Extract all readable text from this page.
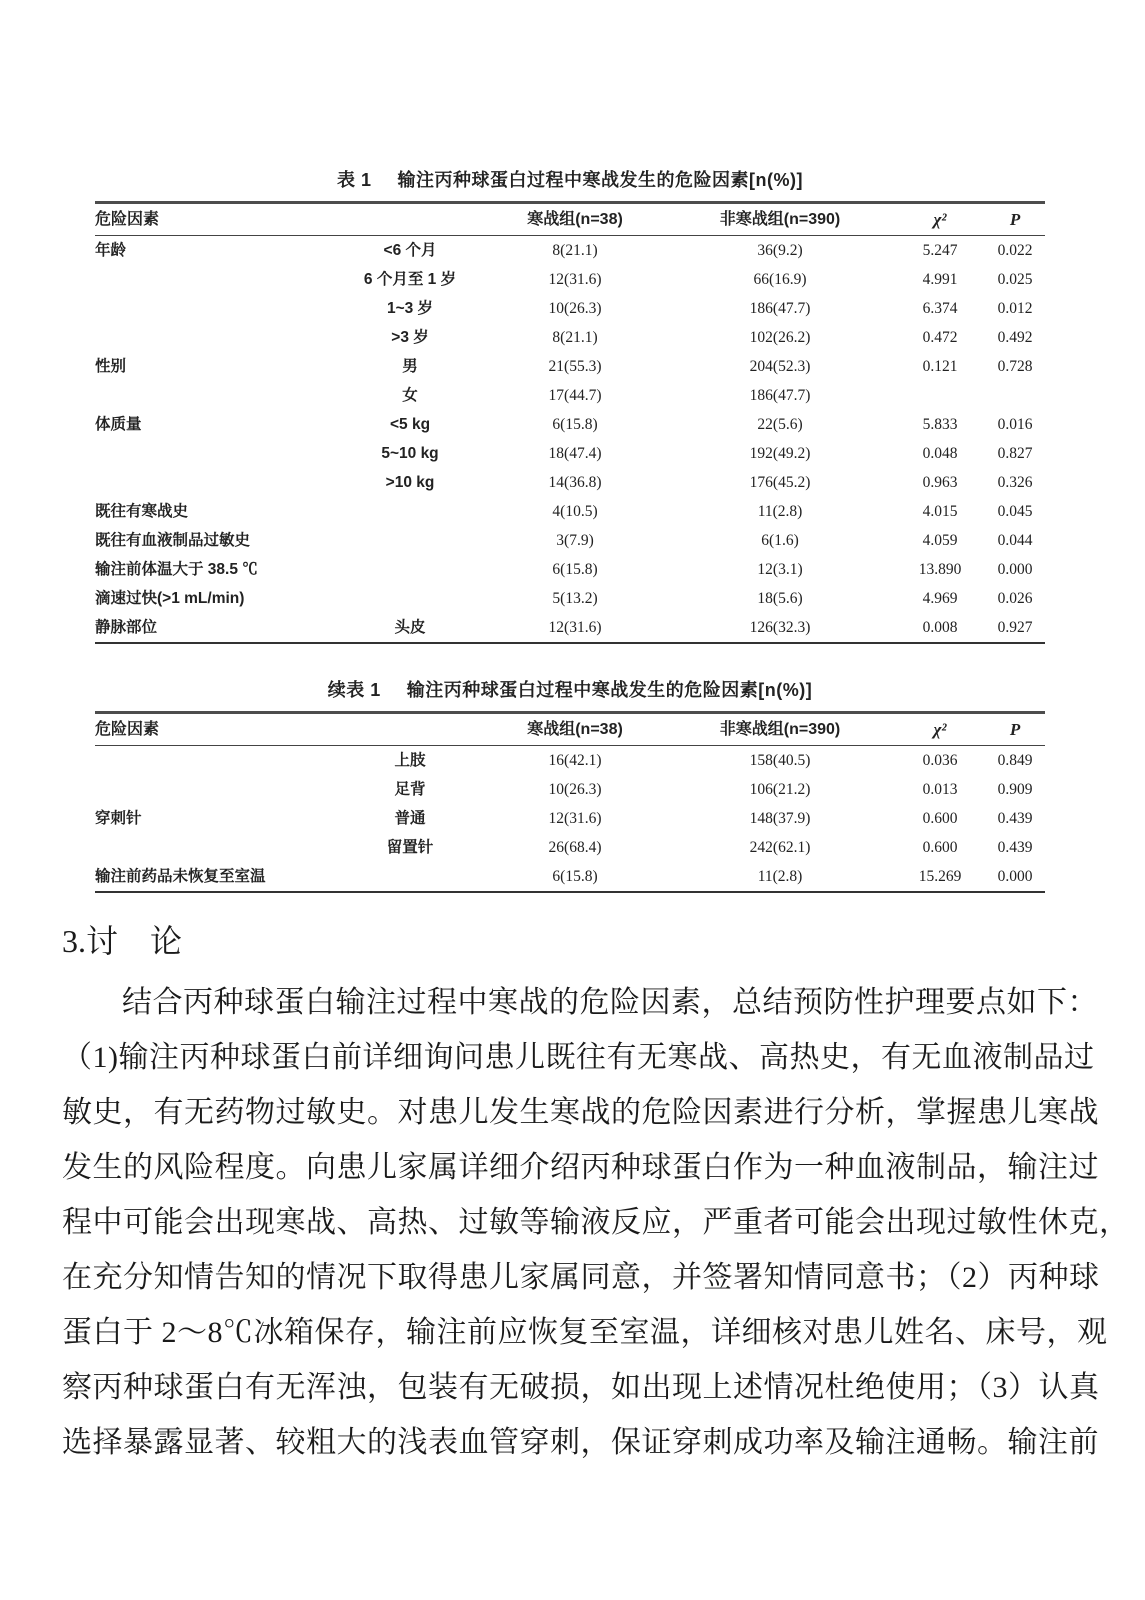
表 1 输注丙种球蛋白过程中寒战发生的危险因素[n(%)]
危险因素		寒战组(n=38)	非寒战组(n=390)	χ²	P
年龄	<6 个月	8(21.1)	36(9.2)	5.247	0.022
	6 个月至 1 岁	12(31.6)	66(16.9)	4.991	0.025
	1~3 岁	10(26.3)	186(47.7)	6.374	0.012
	>3 岁	8(21.1)	102(26.2)	0.472	0.492
性别	男	21(55.3)	204(52.3)	0.121	0.728
	女	17(44.7)	186(47.7)		
体质量	<5 kg	6(15.8)	22(5.6)	5.833	0.016
	5~10 kg	18(47.4)	192(49.2)	0.048	0.827
	>10 kg	14(36.8)	176(45.2)	0.963	0.326
既往有寒战史		4(10.5)	11(2.8)	4.015	0.045
既往有血液制品过敏史		3(7.9)	6(1.6)	4.059	0.044
输注前体温大于 38.5 ℃		6(15.8)	12(3.1)	13.890	0.000
滴速过快(>1 mL/min)		5(13.2)	18(5.6)	4.969	0.026
静脉部位	头皮	12(31.6)	126(32.3)	0.008	0.927
续表 1 输注丙种球蛋白过程中寒战发生的危险因素[n(%)]
危险因素		寒战组(n=38)	非寒战组(n=390)	χ²	P
	上肢	16(42.1)	158(40.5)	0.036	0.849
	足背	10(26.3)	106(21.2)	0.013	0.909
穿刺针	普通	12(31.6)	148(37.9)	0.600	0.439
	留置针	26(68.4)	242(62.1)	0.600	0.439
输注前药品未恢复至室温		6(15.8)	11(2.8)	15.269	0.000
3.讨　论
结合丙种球蛋白输注过程中寒战的危险因素，总结预防性护理要点如下：
（1)输注丙种球蛋白前详细询问患儿既往有无寒战、高热史，有无血液制品过
敏史，有无药物过敏史。对患儿发生寒战的危险因素进行分析，掌握患儿寒战
发生的风险程度。向患儿家属详细介绍丙种球蛋白作为一种血液制品，输注过
程中可能会出现寒战、高热、过敏等输液反应，严重者可能会出现过敏性休克，
在充分知情告知的情况下取得患儿家属同意，并签署知情同意书；（2）丙种球
蛋白于 2～8℃冰箱保存，输注前应恢复至室温，详细核对患儿姓名、床号，观
察丙种球蛋白有无浑浊，包装有无破损，如出现上述情况杜绝使用；（3）认真
选择暴露显著、较粗大的浅表血管穿刺，保证穿刺成功率及输注通畅。输注前
